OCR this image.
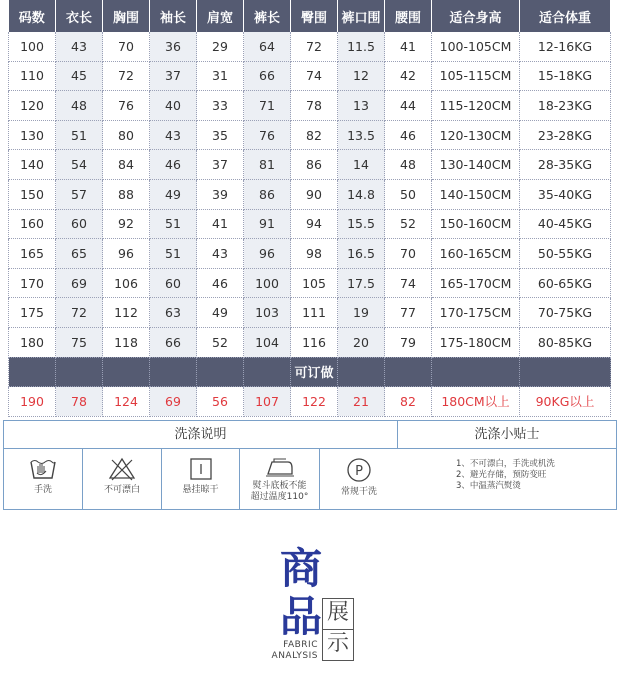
码数	衣长	胸围	袖长	肩宽	裤长	臀围	裤口围	腰围	适合身高	适合体重
100	43	70	36	29	64	72	11.5	41	100-105CM	12-16KG
110	45	72	37	31	66	74	12	42	105-115CM	15-18KG
120	48	76	40	33	71	78	13	44	115-120CM	18-23KG
130	51	80	43	35	76	82	13.5	46	120-130CM	23-28KG
140	54	84	46	37	81	86	14	48	130-140CM	28-35KG
150	57	88	49	39	86	90	14.8	50	140-150CM	35-40KG
160	60	92	51	41	91	94	15.5	52	150-160CM	40-45KG
165	65	96	51	43	96	98	16.5	70	160-165CM	50-55KG
170	69	106	60	46	100	105	17.5	74	165-170CM	60-65KG
175	72	112	63	49	103	111	19	77	170-175CM	70-75KG
180	75	118	66	52	104	116	20	79	175-180CM	80-85KG
						可订做				
190	78	124	69	56	107	122	21	82	180CM以上	90KG以上
洗涤说明	洗涤小贴士
手洗	不可漂白	悬挂晾干	熨斗底板不能
超过温度110°
P
常规干洗
1、不可漂白，手洗或机洗
2、避光存储，预防变旺
3、中温蒸汽熨烫
商
品 展
示
FABRIC
ANALYSIS
